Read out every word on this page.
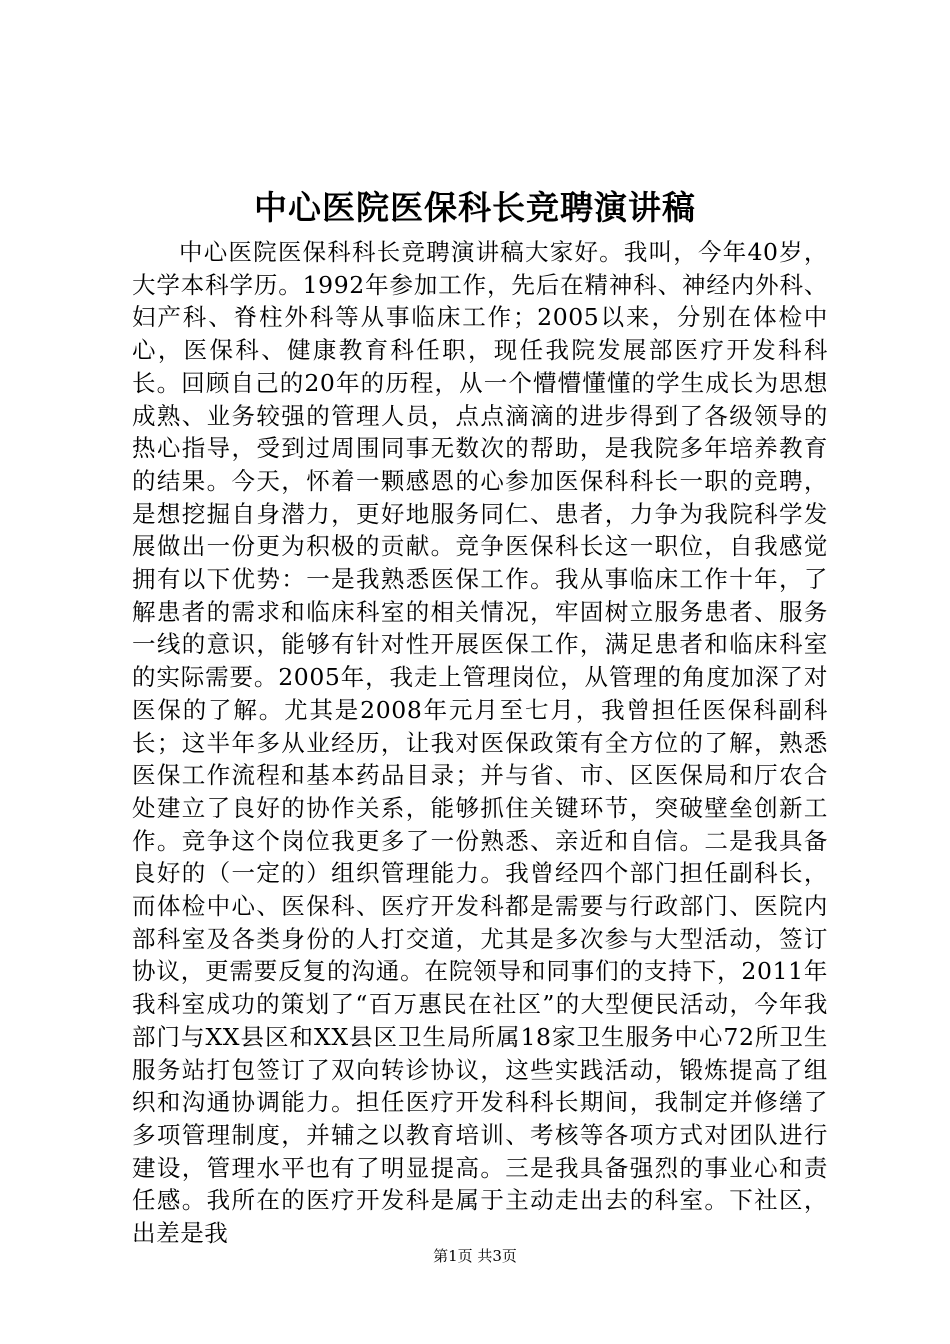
中心医院医保科长竞聘演讲稿

中心医院医保科科长竞聘演讲稿大家好。我叫，今年40岁，大学本科学历。1992年参加工作，先后在精神科、神经内外科、妇产科、脊柱外科等从事临床工作；2005以来，分别在体检中心，医保科、健康教育科任职，现任我院发展部医疗开发科科长。回顾自己的20年的历程，从一个懵懵懂懂的学生成长为思想成熟、业务较强的管理人员，点点滴滴的进步得到了各级领导的热心指导，受到过周围同事无数次的帮助，是我院多年培养教育的结果。今天，怀着一颗感恩的心参加医保科科长一职的竞聘，是想挖掘自身潜力，更好地服务同仁、患者，力争为我院科学发展做出一份更为积极的贡献。竞争医保科长这一职位，自我感觉拥有以下优势：一是我熟悉医保工作。我从事临床工作十年，了解患者的需求和临床科室的相关情况，牢固树立服务患者、服务一线的意识，能够有针对性开展医保工作，满足患者和临床科室的实际需要。2005年，我走上管理岗位，从管理的角度加深了对医保的了解。尤其是2008年元月至七月，我曾担任医保科副科长；这半年多从业经历，让我对医保政策有全方位的了解，熟悉医保工作流程和基本药品目录；并与省、市、区医保局和厅农合处建立了良好的协作关系，能够抓住关键环节，突破壁垒创新工作。竞争这个岗位我更多了一份熟悉、亲近和自信。二是我具备良好的（一定的）组织管理能力。我曾经四个部门担任副科长，而体检中心、医保科、医疗开发科都是需要与行政部门、医院内部科室及各类身份的人打交道，尤其是多次参与大型活动，签订协议，更需要反复的沟通。在院领导和同事们的支持下，2011年我科室成功的策划了“百万惠民在社区”的大型便民活动，今年我部门与XX县区和XX县区卫生局所属18家卫生服务中心72所卫生服务站打包签订了双向转诊协议，这些实践活动，锻炼提高了组织和沟通协调能力。担任医疗开发科科长期间，我制定并修缮了多项管理制度，并辅之以教育培训、考核等各项方式对团队进行建设，管理水平也有了明显提高。三是我具备强烈的事业心和责任感。我所在的医疗开发科是属于主动走出去的科室。下社区，出差是我

第1页 共3页
